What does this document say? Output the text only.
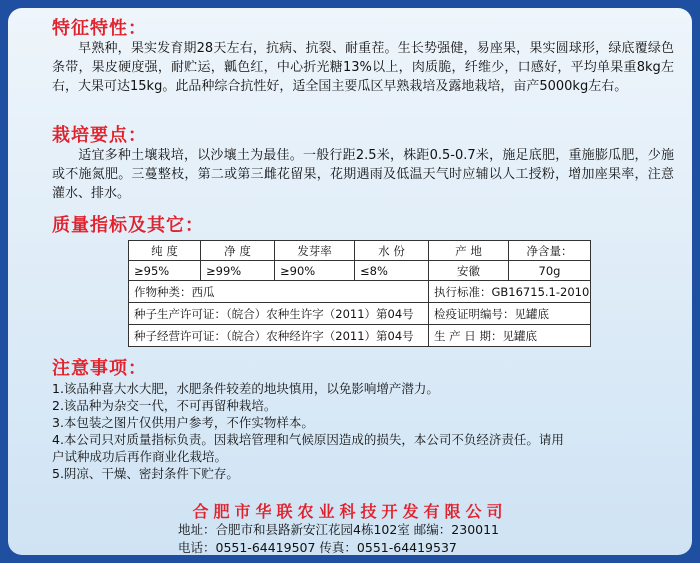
特征特性：

早熟种，果实发育期28天左右，抗病、抗裂、耐重茬。生长势强健，易座果，果实圆球形，绿底覆绿色条带，果皮硬度强，耐贮运，瓤色红，中心折光糖13%以上，肉质脆，纤维少，口感好，平均单果重8kg左右，大果可达15kg。此品种综合抗性好，适全国主要瓜区早熟栽培及露地栽培，亩产5000kg左右。

栽培要点：

适宜多种土壤栽培，以沙壤土为最佳。一般行距2.5米，株距0.5-0.7米，施足底肥，重施膨瓜肥，少施或不施氮肥。三蔓整枝，第二或第三雌花留果，花期遇雨及低温天气时应辅以人工授粉，增加座果率，注意灌水、排水。

质量指标及其它：
纯 度	净 度	发芽率	水 份	产 地	净含量：
≥95%	≥99%	≥90%	≤8%	安徽	70g
作物种类：西瓜				执行标准：GB16715.1-2010	
种子生产许可证：（皖合）农种生许字（2011）第04号				检疫证明编号：见罐底	
种子经营许可证：（皖合）农种经许字（2011）第04号				生 产 日 期：见罐底	
注意事项：

1.该品种喜大水大肥，水肥条件较差的地块慎用，以免影响增产潜力。
2.该品种为杂交一代，不可再留种栽培。
3.本包装之图片仅供用户参考，不作实物样本。
4.本公司只对质量指标负责。因栽培管理和气候原因造成的损失，本公司不负经济责任。请用
户试种成功后再作商业化栽培。
5.阴凉、干燥、密封条件下贮存。

合肥市华联农业科技开发有限公司
地址：合肥市和县路新安江花园4栋102室 邮编：230011
电话：0551-64419507 传真：0551-64419537
